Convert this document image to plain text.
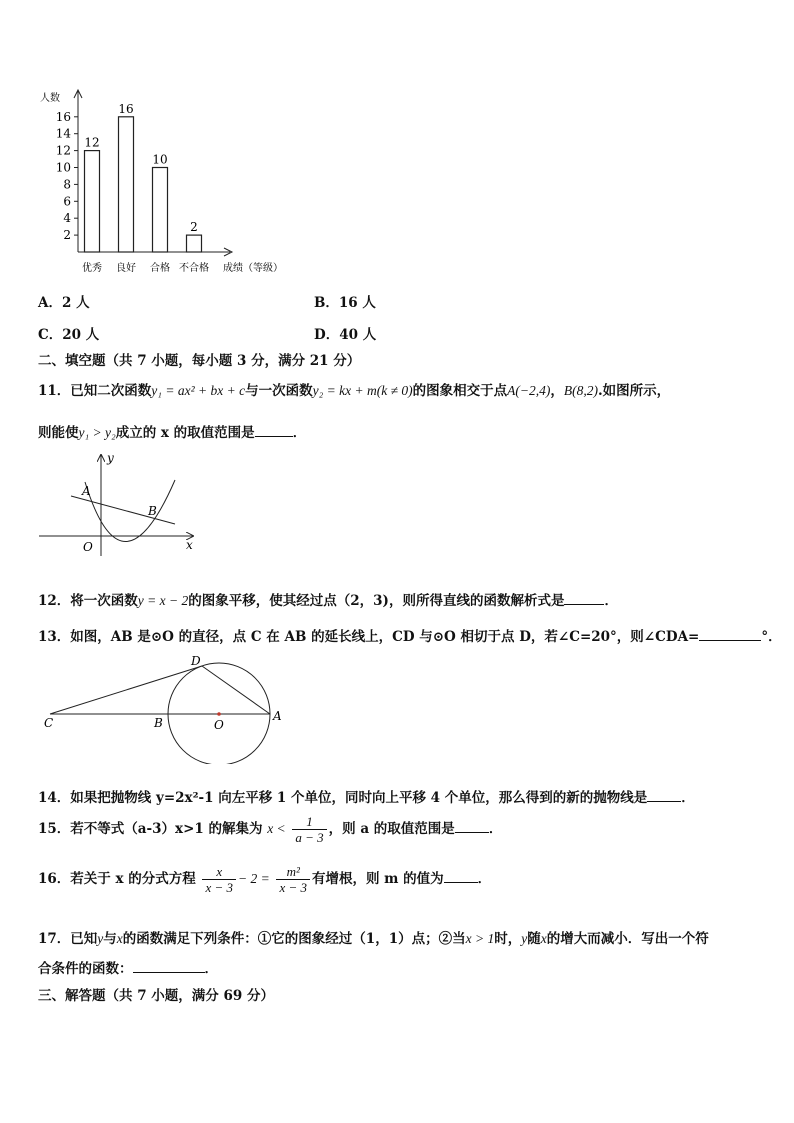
2
4
6
8
10
12
14
16
12
优秀
16
良好
10
合格
2
不合格
人数
成绩（等级）
A．2 人	B．16 人
C．20 人	D．40 人
二、填空题（共 7 小题，每小题 3 分，满分 21 分）
11．已知二次函数y₁ = ax² + bx + c与一次函数y₂ = kx + m(k ≠ 0)的图象相交于点A(−2,4)，B(8,2).如图所示，
则能使y₁ > y₂成立的 x 的取值范围是	．
y
x
O
A
B
12．将一次函数y = x − 2的图象平移，使其经过点（2，3)，则所得直线的函数解析式是	．
13．如图，AB 是⊙O 的直径，点 C 在 AB 的延长线上，CD 与⊙O 相切于点 D，若∠C=20°，则∠CDA=	°．
C	B	O
A
D
14．如果把抛物线 y=2x²-1 向左平移 1 个单位，同时向上平移 4 个单位，那么得到的新的抛物线是	．
15．若不等式（a-3）x>1 的解集为 $x < \frac{1}{a - 3}$ ，则 a 的取值范围是	．
16．若关于 x 的分式方程 $\frac{x}{x - 3} - 2 = \frac{\text{m²}}{x - 3}$ 有增根，则 m 的值为	．
17．已知y与x的函数满足下列条件：①它的图象经过（1，1）点；②当x > 1时，y随x的增大而减小．写出一个符
合条件的函数：	．
三、解答题（共 7 小题，满分 69 分）
